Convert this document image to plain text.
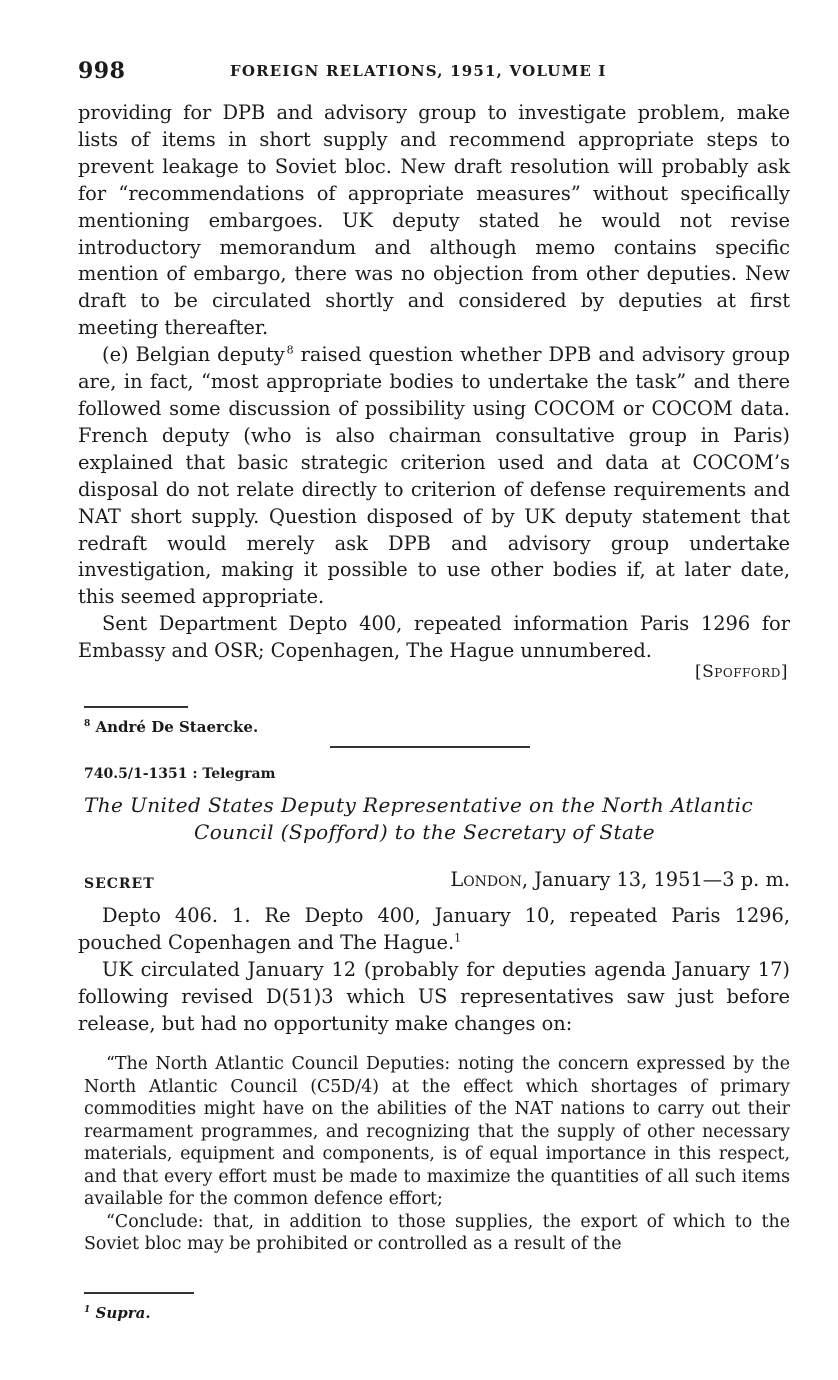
998	FOREIGN RELATIONS, 1951, VOLUME I

providing for DPB and advisory group to investigate problem, make lists of items in short supply and recommend appropriate steps to prevent leakage to Soviet bloc. New draft resolution will probably ask for “recommendations of appropriate measures” without specifically mentioning embargoes. UK deputy stated he would not revise introductory memorandum and although memo contains specific mention of embargo, there was no objection from other deputies. New draft to be circulated shortly and considered by deputies at first meeting thereafter.

(e) Belgian deputy  $^8$ raised question whether DPB and advisory group are, in fact, “most appropriate bodies to undertake the task” and there followed some discussion of possibility using COCOM or COCOM data. French deputy (who is also chairman consultative group in Paris) explained that basic strategic criterion used and data at COCOM’s disposal do not relate directly to criterion of defense requirements and NAT short supply. Question disposed of by UK deputy statement that redraft would merely ask DPB and advisory group undertake investigation, making it possible to use other bodies if, at later date, this seemed appropriate.

Sent Department Depto 400, repeated information Paris 1296 for Embassy and OSR; Copenhagen, The Hague unnumbered.

[Spofford]
$^8$ André De Staercke.
740.5/1-1351 : Telegram
The United States Deputy Representative on the North Atlantic
Council (Spofford) to the Secretary of State
SECRET	London, January 13, 1951—3 p. m.

Depto 406. 1. Re Depto 400, January 10, repeated Paris 1296, pouched Copenhagen and The Hague.$^1$

UK circulated January 12 (probably for deputies agenda January 17) following revised D(51)3 which US representatives saw just before release, but had no opportunity make changes on:

“The North Atlantic Council Deputies: noting the concern expressed by the North Atlantic Council (C5D/4) at the effect which shortages of primary commodities might have on the abilities of the NAT nations to carry out their rearmament programmes, and recognizing that the supply of other necessary materials, equipment and components, is of equal importance in this respect, and that every effort must be made to maximize the quantities of all such items available for the common defence effort;

“Conclude: that, in addition to those supplies, the export of which to the Soviet bloc may be prohibited or controlled as a result of the

$^1$ Supra.
